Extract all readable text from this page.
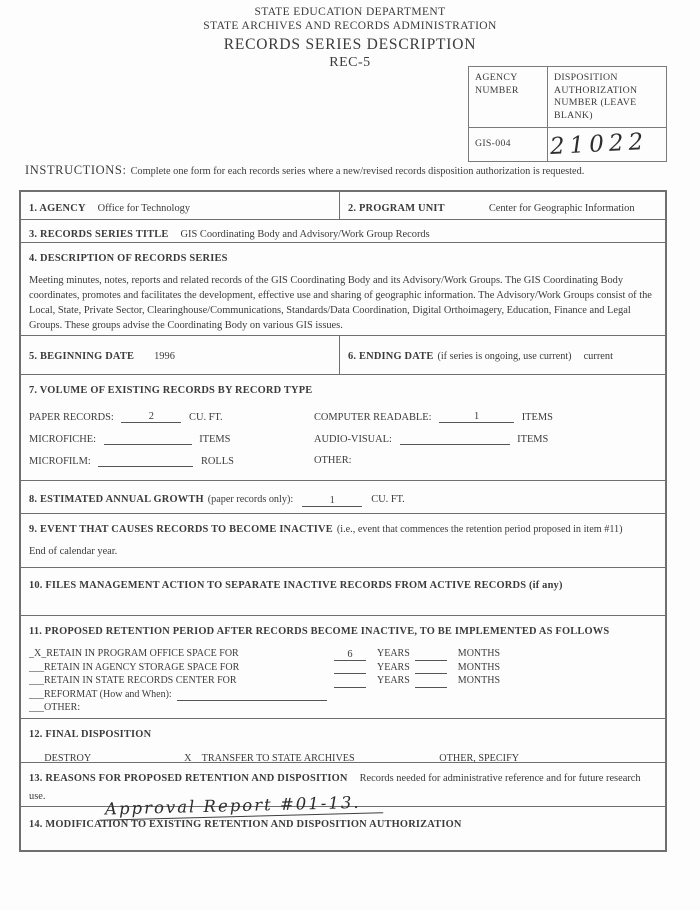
STATE EDUCATION DEPARTMENT
STATE ARCHIVES AND RECORDS ADMINISTRATION
RECORDS SERIES DESCRIPTION
REC-5
AGENCY NUMBER
DISPOSITION AUTHORIZATION NUMBER (LEAVE BLANK)
GIS-004	21022
INSTRUCTIONS: Complete one form for each records series where a new/revised records disposition authorization is requested.
1. AGENCY Office for Technology	2. PROGRAM UNIT	Center for Geographic Information
3. RECORDS SERIES TITLE GIS Coordinating Body and Advisory/Work Group Records
4. DESCRIPTION OF RECORDS SERIES
Meeting minutes, notes, reports and related records of the GIS Coordinating Body and its Advisory/Work Groups. The GIS Coordinating Body coordinates, promotes and facilitates the development, effective use and sharing of geographic information. The Advisory/Work Groups consist of the Local, State, Private Sector, Clearinghouse/Communications, Standards/Data Coordination, Digital Orthoimagery, Education, Finance and Legal Groups. These groups advise the Coordinating Body on various GIS issues.
5. BEGINNING DATE 1996	6. ENDING DATE (if series is ongoing, use current) current
7. VOLUME OF EXISTING RECORDS BY RECORD TYPE
PAPER RECORDS:	2	CU. FT.	COMPUTER READABLE:	1	ITEMS
MICROFICHE:	ITEMS	AUDIO-VISUAL:	ITEMS
MICROFILM:	ROLLS	OTHER:
8. ESTIMATED ANNUAL GROWTH (paper records only):	1	CU. FT.
9. EVENT THAT CAUSES RECORDS TO BECOME INACTIVE (i.e., event that commences the retention period proposed in item #11)
End of calendar year.
10. FILES MANAGEMENT ACTION TO SEPARATE INACTIVE RECORDS FROM ACTIVE RECORDS (if any)
11. PROPOSED RETENTION PERIOD AFTER RECORDS BECOME INACTIVE, TO BE IMPLEMENTED AS FOLLOWS
_X_RETAIN IN PROGRAM OFFICE SPACE FOR	6	YEARS	MONTHS
___RETAIN IN AGENCY STORAGE SPACE FOR	YEARS	MONTHS
___RETAIN IN STATE RECORDS CENTER FOR	YEARS	MONTHS
___ REFORMAT (How and When):
___ OTHER:
12. FINAL DISPOSITION
___DESTROY	_X__TRANSFER TO STATE ARCHIVES	___OTHER, SPECIFY
13. REASONS FOR PROPOSED RETENTION AND DISPOSITION Records needed for administrative reference and for future research use.	Approval Report #01-13.
14. MODIFICATION TO EXISTING RETENTION AND DISPOSITION AUTHORIZATION
